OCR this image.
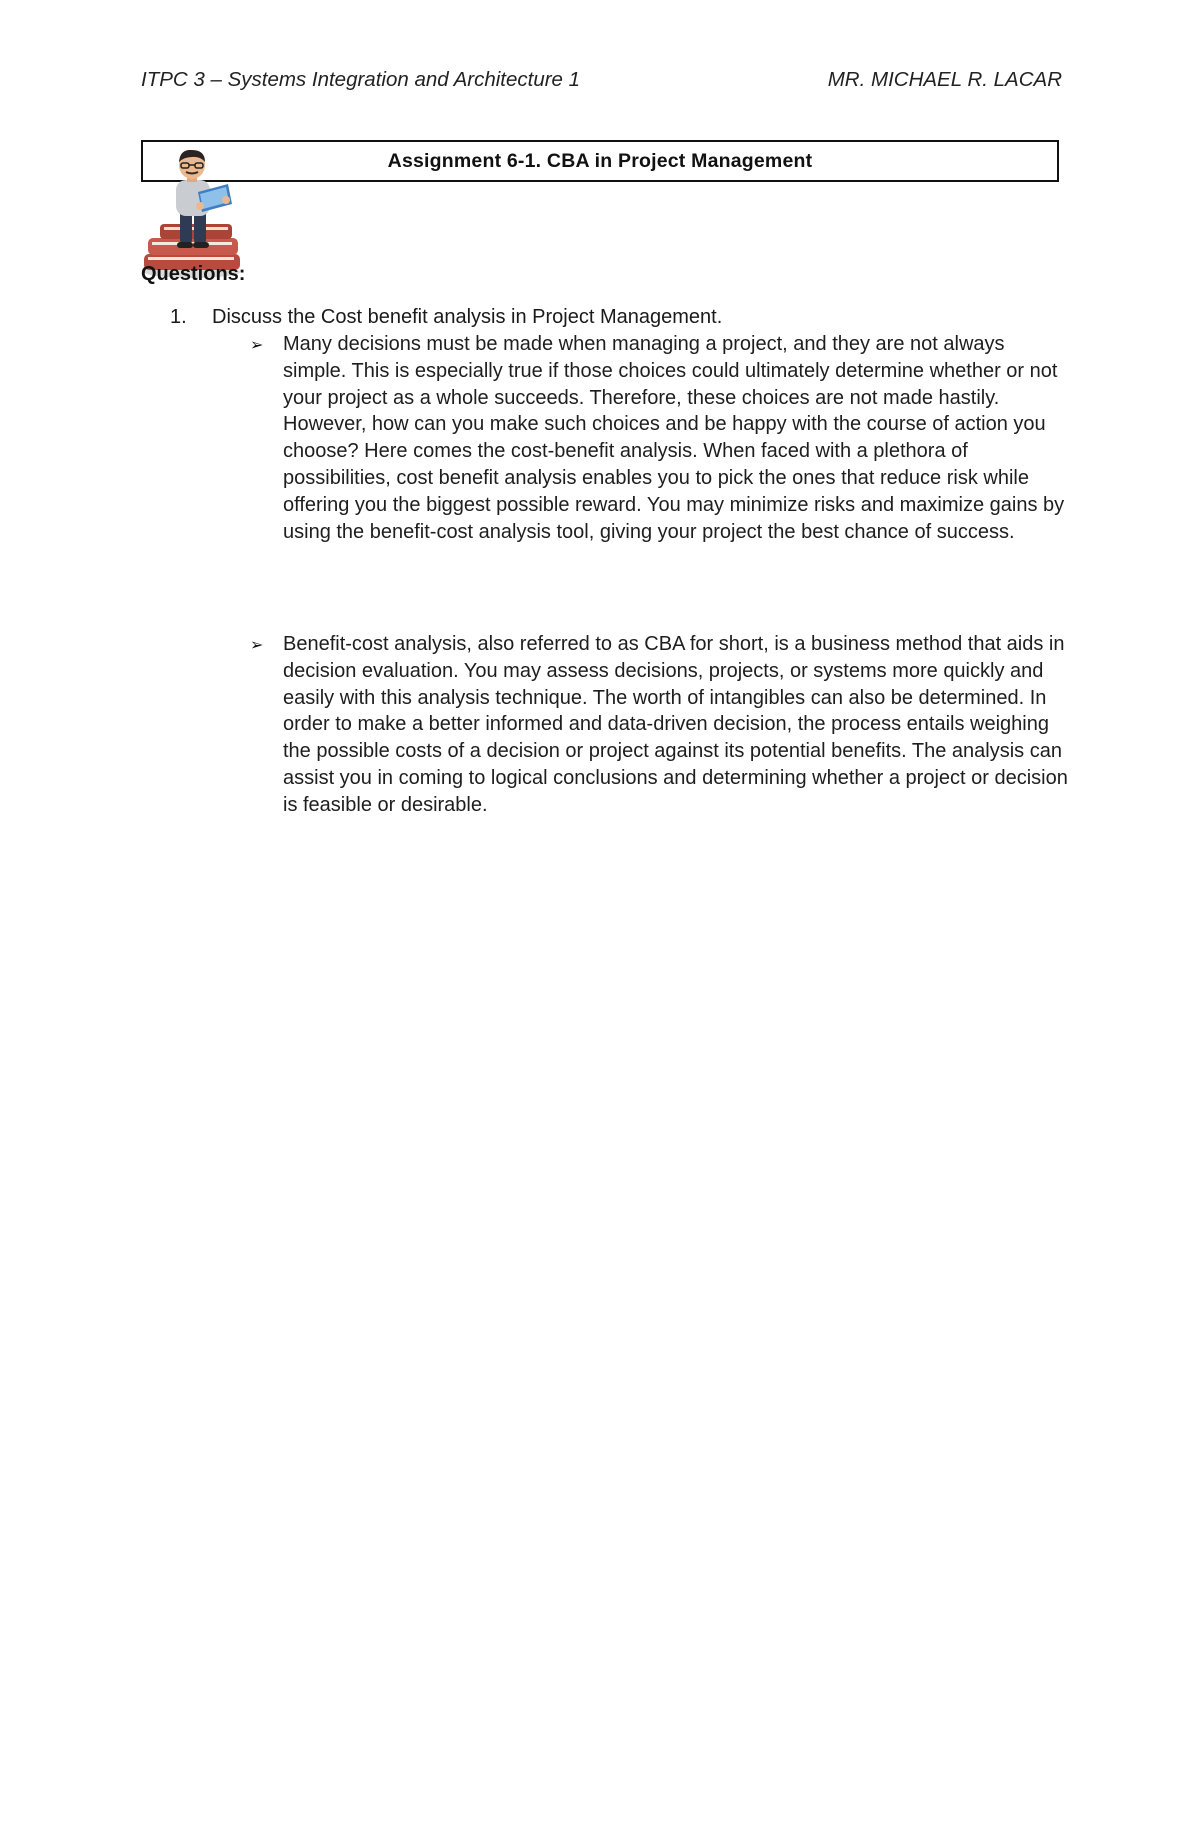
ITPC 3 – Systems Integration and Architecture 1	MR. MICHAEL R. LACAR
Assignment 6-1. CBA in Project Management
Questions:
1. Discuss the Cost benefit analysis in Project Management.
➢ Many decisions must be made when managing a project, and they are not always simple. This is especially true if those choices could ultimately determine whether or not your project as a whole succeeds. Therefore, these choices are not made hastily. However, how can you make such choices and be happy with the course of action you choose? Here comes the cost-benefit analysis. When faced with a plethora of possibilities, cost benefit analysis enables you to pick the ones that reduce risk while offering you the biggest possible reward. You may minimize risks and maximize gains by using the benefit-cost analysis tool, giving your project the best chance of success.
➢ Benefit-cost analysis, also referred to as CBA for short, is a business method that aids in decision evaluation. You may assess decisions, projects, or systems more quickly and easily with this analysis technique. The worth of intangibles can also be determined. In order to make a better informed and data-driven decision, the process entails weighing the possible costs of a decision or project against its potential benefits. The analysis can assist you in coming to logical conclusions and determining whether a project or decision is feasible or desirable.
